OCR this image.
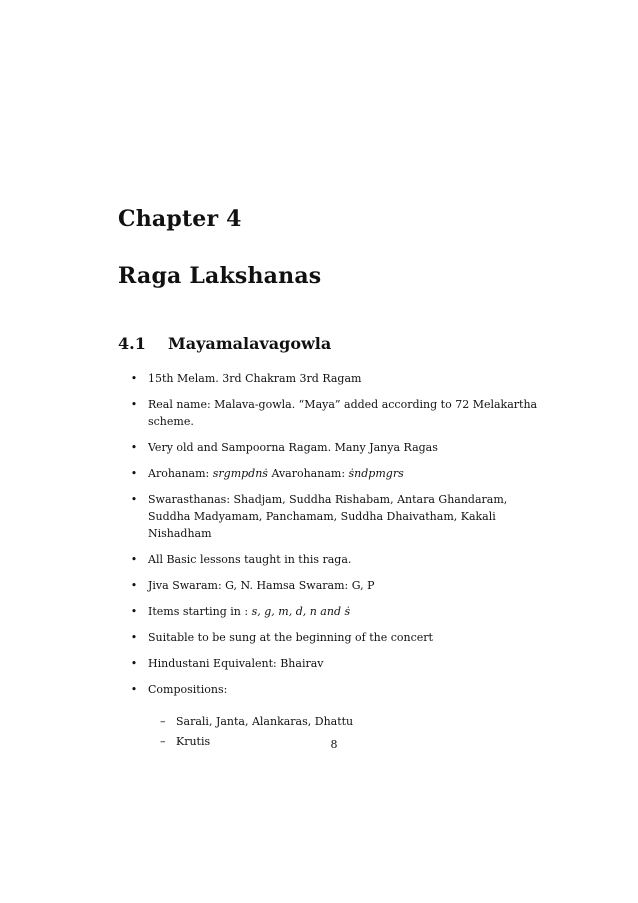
Chapter 4
Raga Lakshanas
4.1 Mayamalavagowla
• 15th Melam. 3rd Chakram 3rd Ragam
• Real name: Malava-gowla. “Maya” added according to 72 Melakartha scheme.
• Very old and Sampoorna Ragam. Many Janya Ragas
• Arohanam: srgmpdnṡ Avarohanam: ṡndpmgrs
• Swarasthanas: Shadjam, Suddha Rishabam, Antara Ghandaram, Suddha Madyamam, Panchamam, Suddha Dhaivatham, Kakali Nishadham
• All Basic lessons taught in this raga.
• Jiva Swaram: G, N. Hamsa Swaram: G, P
• Items starting in : s, g, m, d, n and ṡ
• Suitable to be sung at the beginning of the concert
• Hindustani Equivalent: Bhairav
• Compositions:
– Sarali, Janta, Alankaras, Dhattu
– Krutis	8
